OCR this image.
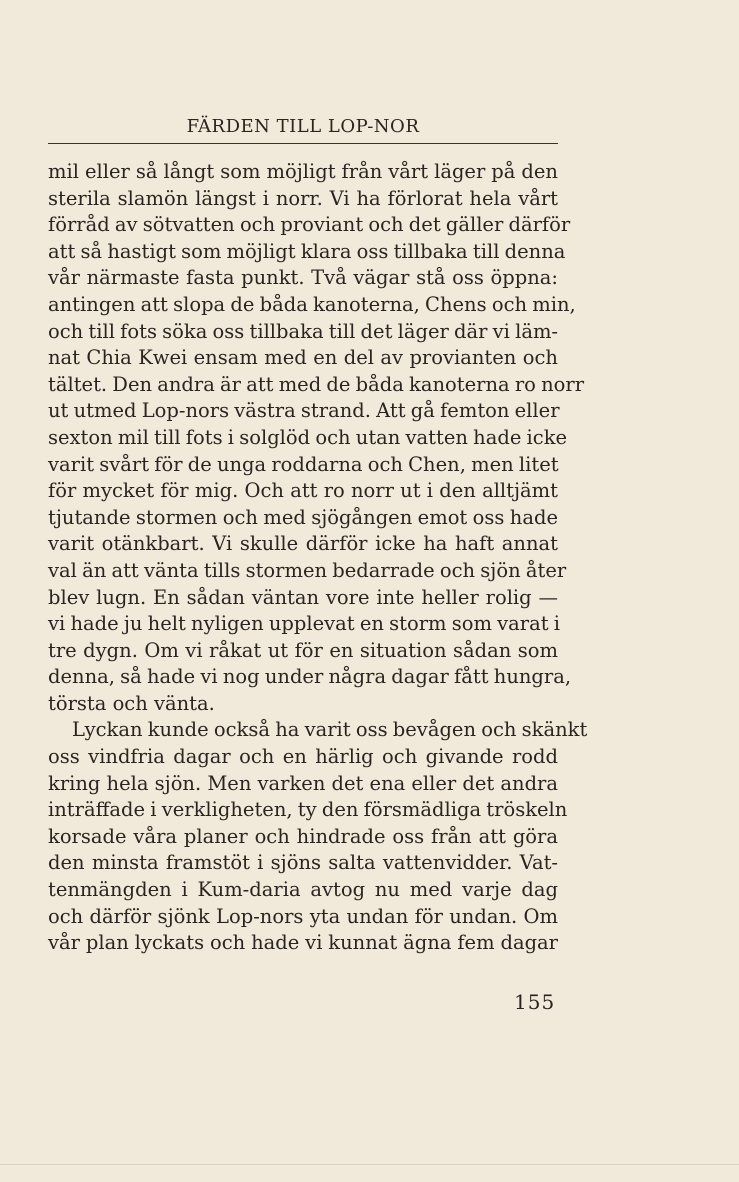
FÄRDEN TILL LOP-NOR
mil eller så långt som möjligt från vårt läger på den
sterila slamön längst i norr. Vi ha förlorat hela vårt
förråd av sötvatten och proviant och det gäller därför
att så hastigt som möjligt klara oss tillbaka till denna
vår närmaste fasta punkt. Två vägar stå oss öppna:
antingen att slopa de båda kanoterna, Chens och min,
och till fots söka oss tillbaka till det läger där vi läm-
nat Chia Kwei ensam med en del av provianten och
tältet. Den andra är att med de båda kanoterna ro norr
ut utmed Lop-nors västra strand. Att gå femton eller
sexton mil till fots i solglöd och utan vatten hade icke
varit svårt för de unga roddarna och Chen, men litet
för mycket för mig. Och att ro norr ut i den alltjämt
tjutande stormen och med sjögången emot oss hade
varit otänkbart. Vi skulle därför icke ha haft annat
val än att vänta tills stormen bedarrade och sjön åter
blev lugn. En sådan väntan vore inte heller rolig —
vi hade ju helt nyligen upplevat en storm som varat i
tre dygn. Om vi råkat ut för en situation sådan som
denna, så hade vi nog under några dagar fått hungra,
törsta och vänta.
Lyckan kunde också ha varit oss bevågen och skänkt
oss vindfria dagar och en härlig och givande rodd
kring hela sjön. Men varken det ena eller det andra
inträffade i verkligheten, ty den försmädliga tröskeln
korsade våra planer och hindrade oss från att göra
den minsta framstöt i sjöns salta vattenvidder. Vat-
tenmängden i Kum-daria avtog nu med varje dag
och därför sjönk Lop-nors yta undan för undan. Om
vår plan lyckats och hade vi kunnat ägna fem dagar
155
